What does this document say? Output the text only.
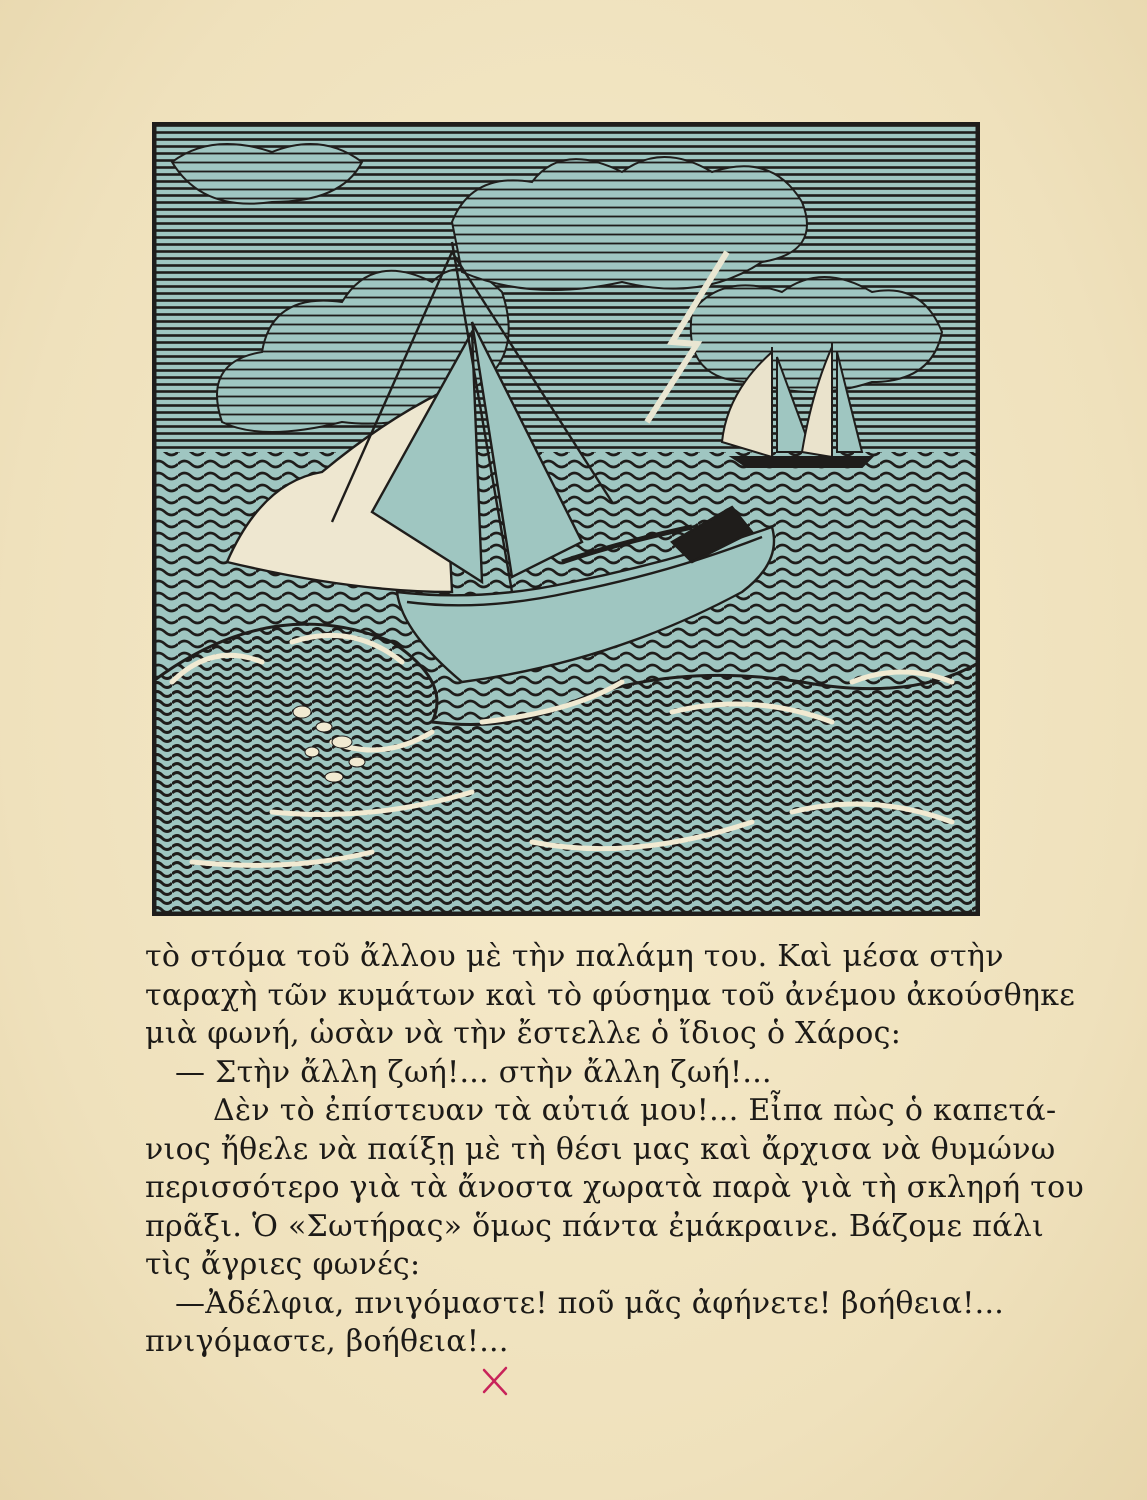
τὸ στόμα τοῦ ἄλλου μὲ τὴν παλάμη του. Καὶ μέσα στὴν
ταραχὴ τῶν κυμάτων καὶ τὸ φύσημα τοῦ ἀνέμου ἀκούσθηκε
μιὰ φωνή, ὡσὰν νὰ τὴν ἔστελλε ὁ ἴδιος ὁ Χάρος:
— Στὴν ἄλλη ζωή!... στὴν ἄλλη ζωή!...
Δὲν τὸ ἐπίστευαν τὰ αὐτιά μου!... Εἶπα πὼς ὁ καπετά-
νιος ἤθελε νὰ παίξῃ μὲ τὴ θέσι μας καὶ ἄρχισα νὰ θυμώνω
περισσότερο γιὰ τὰ ἄνοστα χωρατὰ παρὰ γιὰ τὴ σκληρή του
πρᾶξι. Ὁ «Σωτήρας» ὅμως πάντα ἐμάκραινε. Βάζομε πάλι
τὶς ἄγριες φωνές:
—Ἀδέλφια, πνιγόμαστε! ποῦ μᾶς ἀφήνετε! βοήθεια!...
πνιγόμαστε, βοήθεια!...
